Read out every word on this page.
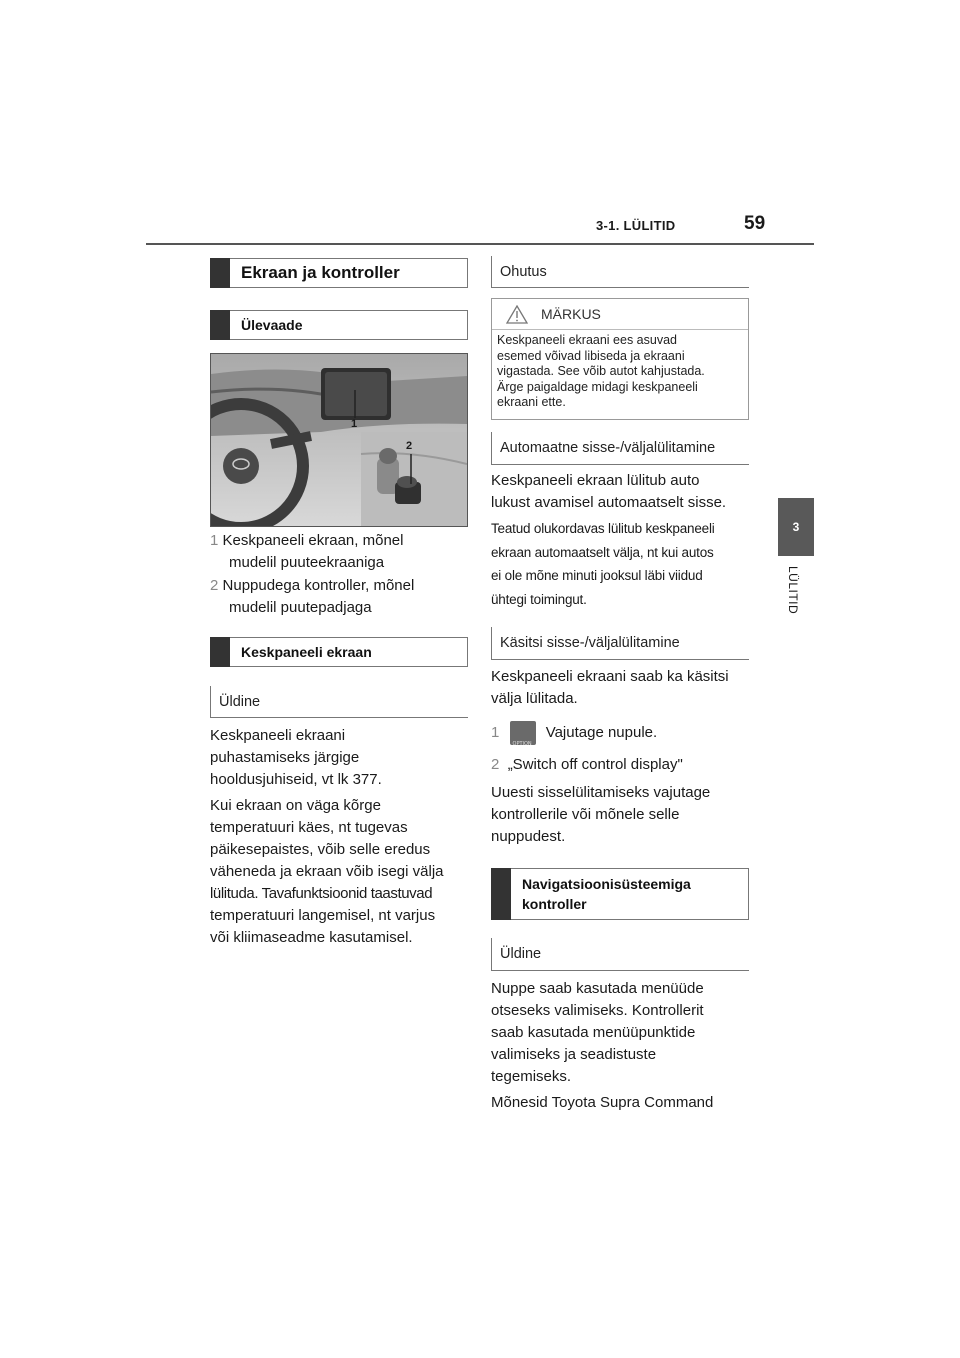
3-1. LÜLITID	59
3
LÜLITID
Ekraan ja kontroller
Ülevaade
1
2
1 Keskpaneeli ekraan, mõnel
mudelil puuteekraaniga
2 Nuppudega kontroller, mõnel
mudelil puutepadjaga
Keskpaneeli ekraan
Üldine
Keskpaneeli ekraani
puhastamiseks järgige
hooldusjuhiseid, vt lk 377.
Kui ekraan on väga kõrge
temperatuuri käes, nt tugevas
päikesepaistes, võib selle eredus
väheneda ja ekraan võib isegi välja
lülituda. Tavafunktsioonid taastuvad
temperatuuri langemisel, nt varjus
või kliimaseadme kasutamisel.
Ohutus
MÄRKUS
Keskpaneeli ekraani ees asuvad
esemed võivad libiseda ja ekraani
vigastada. See võib autot kahjustada.
Ärge paigaldage midagi keskpaneeli
ekraani ette.
Automaatne sisse-/väljalülitamine
Keskpaneeli ekraan lülitub auto
lukust avamisel automaatselt sisse.
Teatud olukordavas lülitub keskpaneeli
ekraan automaatselt välja, nt kui autos
ei ole mõne minuti jooksul läbi viidud
ühtegi toimingut.
Käsitsi sisse-/väljalülitamine
Keskpaneeli ekraani saab ka käsitsi
välja lülitada.
1
OPTION
Vajutage nupule.
2 „Switch off control display"
Uuesti sisselülitamiseks vajutage
kontrollerile või mõnele selle
nuppudest.
Navigatsioonisüsteemiga
kontroller
Üldine
Nuppe saab kasutada menüüde
otseseks valimiseks. Kontrollerit
saab kasutada menüüpunktide
valimiseks ja seadistuste
tegemiseks.
Mõnesid Toyota Supra Command
